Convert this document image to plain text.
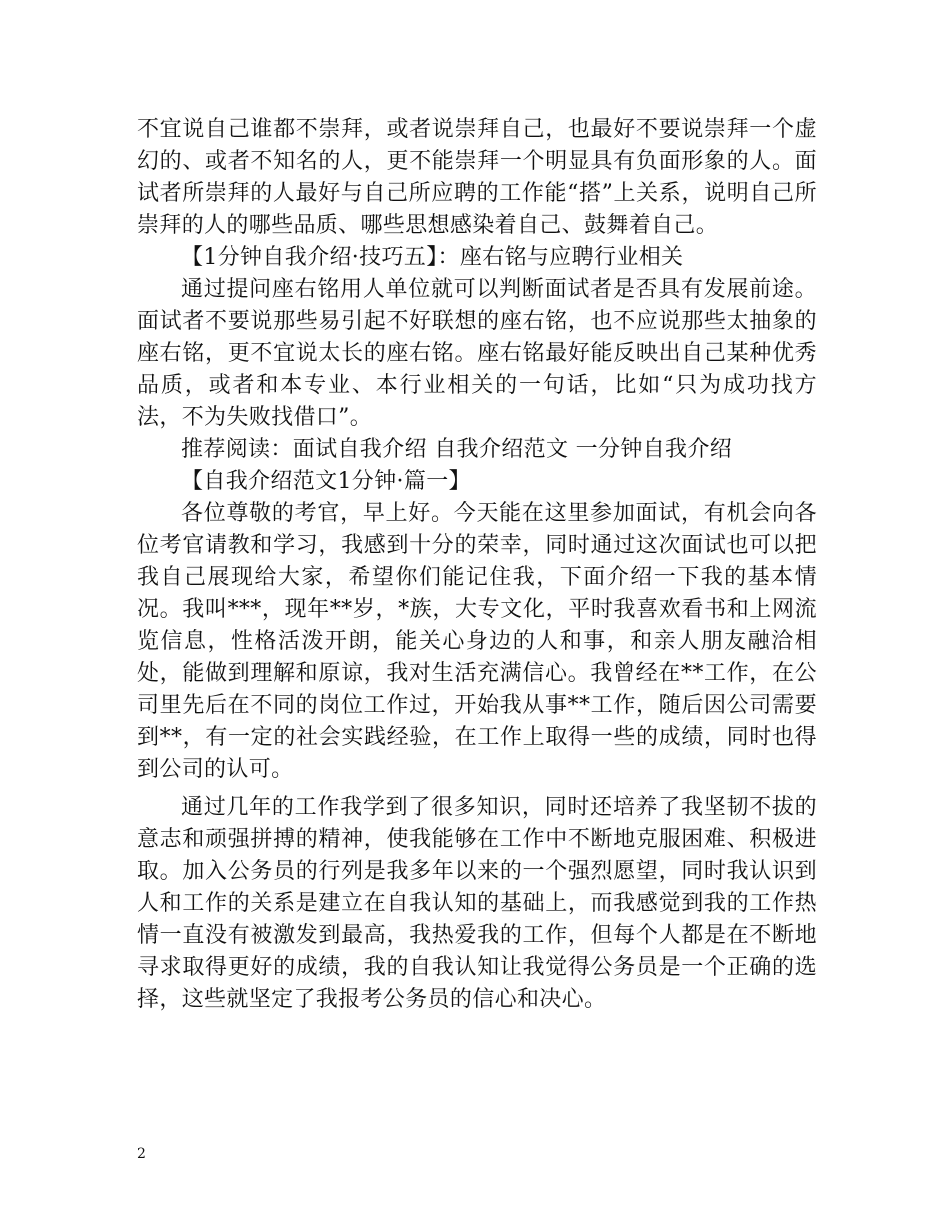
不宜说自己谁都不崇拜，或者说崇拜自己，也最好不要说崇拜一个虚幻的、或者不知名的人，更不能崇拜一个明显具有负面形象的人。面试者所崇拜的人最好与自己所应聘的工作能“搭”上关系，说明自己所崇拜的人的哪些品质、哪些思想感染着自己、鼓舞着自己。

【1分钟自我介绍·技巧五】：座右铭与应聘行业相关

通过提问座右铭用人单位就可以判断面试者是否具有发展前途。面试者不要说那些易引起不好联想的座右铭，也不应说那些太抽象的座右铭，更不宜说太长的座右铭。座右铭最好能反映出自己某种优秀品质，或者和本专业、本行业相关的一句话，比如“只为成功找方法，不为失败找借口”。

推荐阅读：面试自我介绍 自我介绍范文 一分钟自我介绍

【自我介绍范文1分钟·篇一】

各位尊敬的考官，早上好。今天能在这里参加面试，有机会向各位考官请教和学习，我感到十分的荣幸，同时通过这次面试也可以把我自己展现给大家，希望你们能记住我，下面介绍一下我的基本情况。我叫***，现年**岁，*族，大专文化，平时我喜欢看书和上网流览信息，性格活泼开朗，能关心身边的人和事，和亲人朋友融洽相处，能做到理解和原谅，我对生活充满信心。我曾经在**工作，在公司里先后在不同的岗位工作过，开始我从事**工作，随后因公司需要到**，有一定的社会实践经验，在工作上取得一些的成绩，同时也得到公司的认可。

通过几年的工作我学到了很多知识，同时还培养了我坚韧不拔的意志和顽强拼搏的精神，使我能够在工作中不断地克服困难、积极进取。加入公务员的行列是我多年以来的一个强烈愿望，同时我认识到人和工作的关系是建立在自我认知的基础上，而我感觉到我的工作热情一直没有被激发到最高，我热爱我的工作，但每个人都是在不断地寻求取得更好的成绩，我的自我认知让我觉得公务员是一个正确的选择，这些就坚定了我报考公务员的信心和决心。

2
